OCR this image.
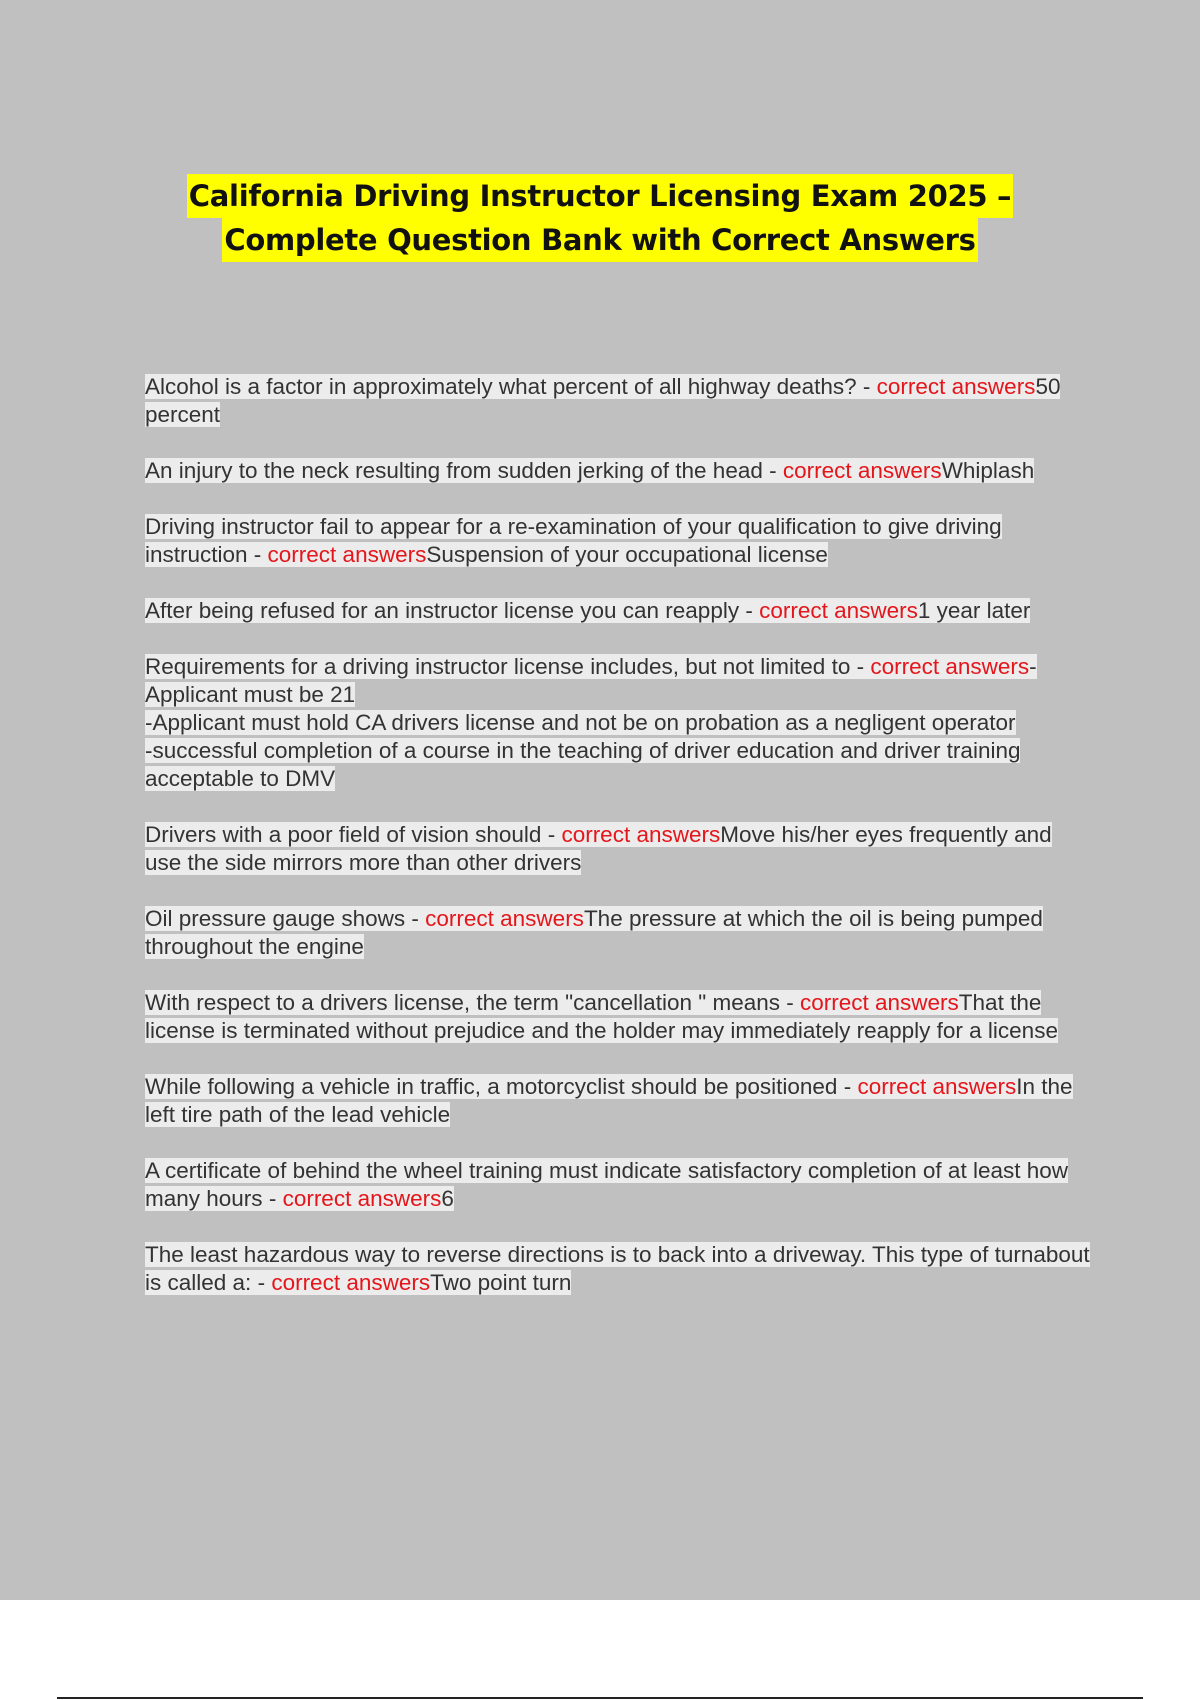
California Driving Instructor Licensing Exam 2025 –
Complete Question Bank with Correct Answers
Alcohol is a factor in approximately what percent of all highway deaths? - correct answers50 percent
An injury to the neck resulting from sudden jerking of the head - correct answersWhiplash
Driving instructor fail to appear for a re-examination of your qualification to give driving instruction - correct answersSuspension of your occupational license
After being refused for an instructor license you can reapply - correct answers1 year later
Requirements for a driving instructor license includes, but not limited to - correct answers-Applicant must be 21
-Applicant must hold CA drivers license and not be on probation as a negligent operator
-successful completion of a course in the teaching of driver education and driver training acceptable to DMV
Drivers with a poor field of vision should - correct answersMove his/her eyes frequently and use the side mirrors more than other drivers
Oil pressure gauge shows - correct answersThe pressure at which the oil is being pumped throughout the engine
With respect to a drivers license, the term "cancellation " means - correct answersThat the license is terminated without prejudice and the holder may immediately reapply for a license
While following a vehicle in traffic, a motorcyclist should be positioned - correct answersIn the left tire path of the lead vehicle
A certificate of behind the wheel training must indicate satisfactory completion of at least how many hours - correct answers6
The least hazardous way to reverse directions is to back into a driveway. This type of turnabout is called a: - correct answersTwo point turn
